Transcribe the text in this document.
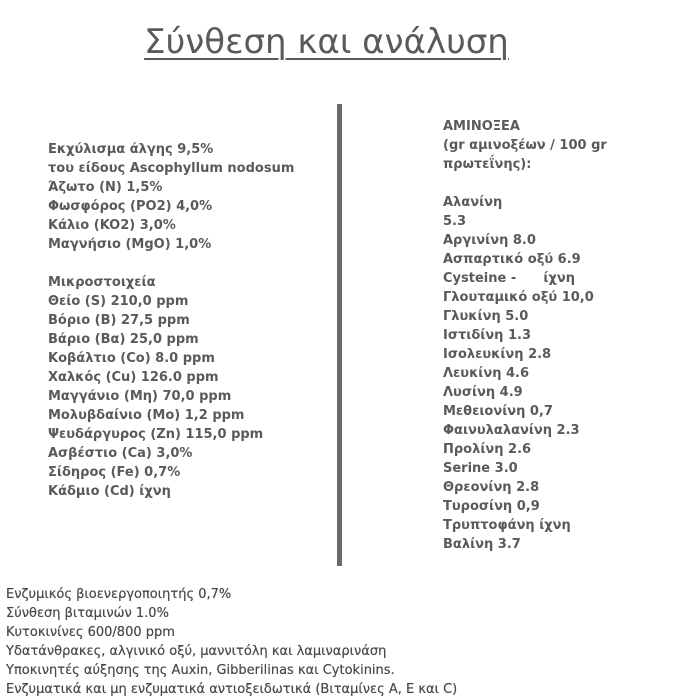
Σύνθεση και ανάλυση
Εκχύλισμα άλγης 9,5%
του είδους Ascophyllum nodosum
Άζωτο (N) 1,5%
Φωσφόρος (PO2) 4,0%
Κάλιο (KO2) 3,0%
Μαγνήσιο (MgO) 1,0%
Μικροστοιχεία
Θείο (S) 210,0 ppm
Βόριο (B) 27,5 ppm
Βάριο (Bα) 25,0 ppm
Κοβάλτιο (Co) 8.0 ppm
Χαλκός (Cu) 126.0 ppm
Μαγγάνιο (Mη) 70,0 ppm
Μολυβδαίνιο (Mo) 1,2 ppm
Ψευδάργυρος (Zn) 115,0 ppm
Ασβέστιο (Ca) 3,0%
Σίδηρος (Fe) 0,7%
Κάδμιο (Cd) ίχνη
ΑΜΙΝΟΞΕΑ
(gr αμινοξέων / 100 gr
πρωτεΐνης):
Αλανίνη
5.3
Αργινίνη 8.0
Ασπαρτικό οξύ 6.9
Cysteine -      ίχνη
Γλουταμικό οξύ 10,0
Γλυκίνη 5.0
Ιστιδίνη 1.3
Ισολευκίνη 2.8
Λευκίνη 4.6
Λυσίνη 4.9
Μεθειονίνη 0,7
Φαινυλαλανίνη 2.3
Προλίνη 2.6
Serine 3.0
Θρεονίνη 2.8
Τυροσίνη 0,9
Τρυπτοφάνη ίχνη
Βαλίνη 3.7
Ενζυμικός βιοενεργοποιητής 0,7%
Σύνθεση βιταμινών 1.0%
Κυτοκινίνες 600/800 ppm
Υδατάνθρακες, αλγινικό οξύ, μαννιτόλη και λαμιναρινάση
Υποκινητές αύξησης της Auxin, Gibberilinas και Cytokinins.
Ενζυματικά και μη ενζυματικά αντιοξειδωτικά (Βιταμίνες Α, Ε και C)
